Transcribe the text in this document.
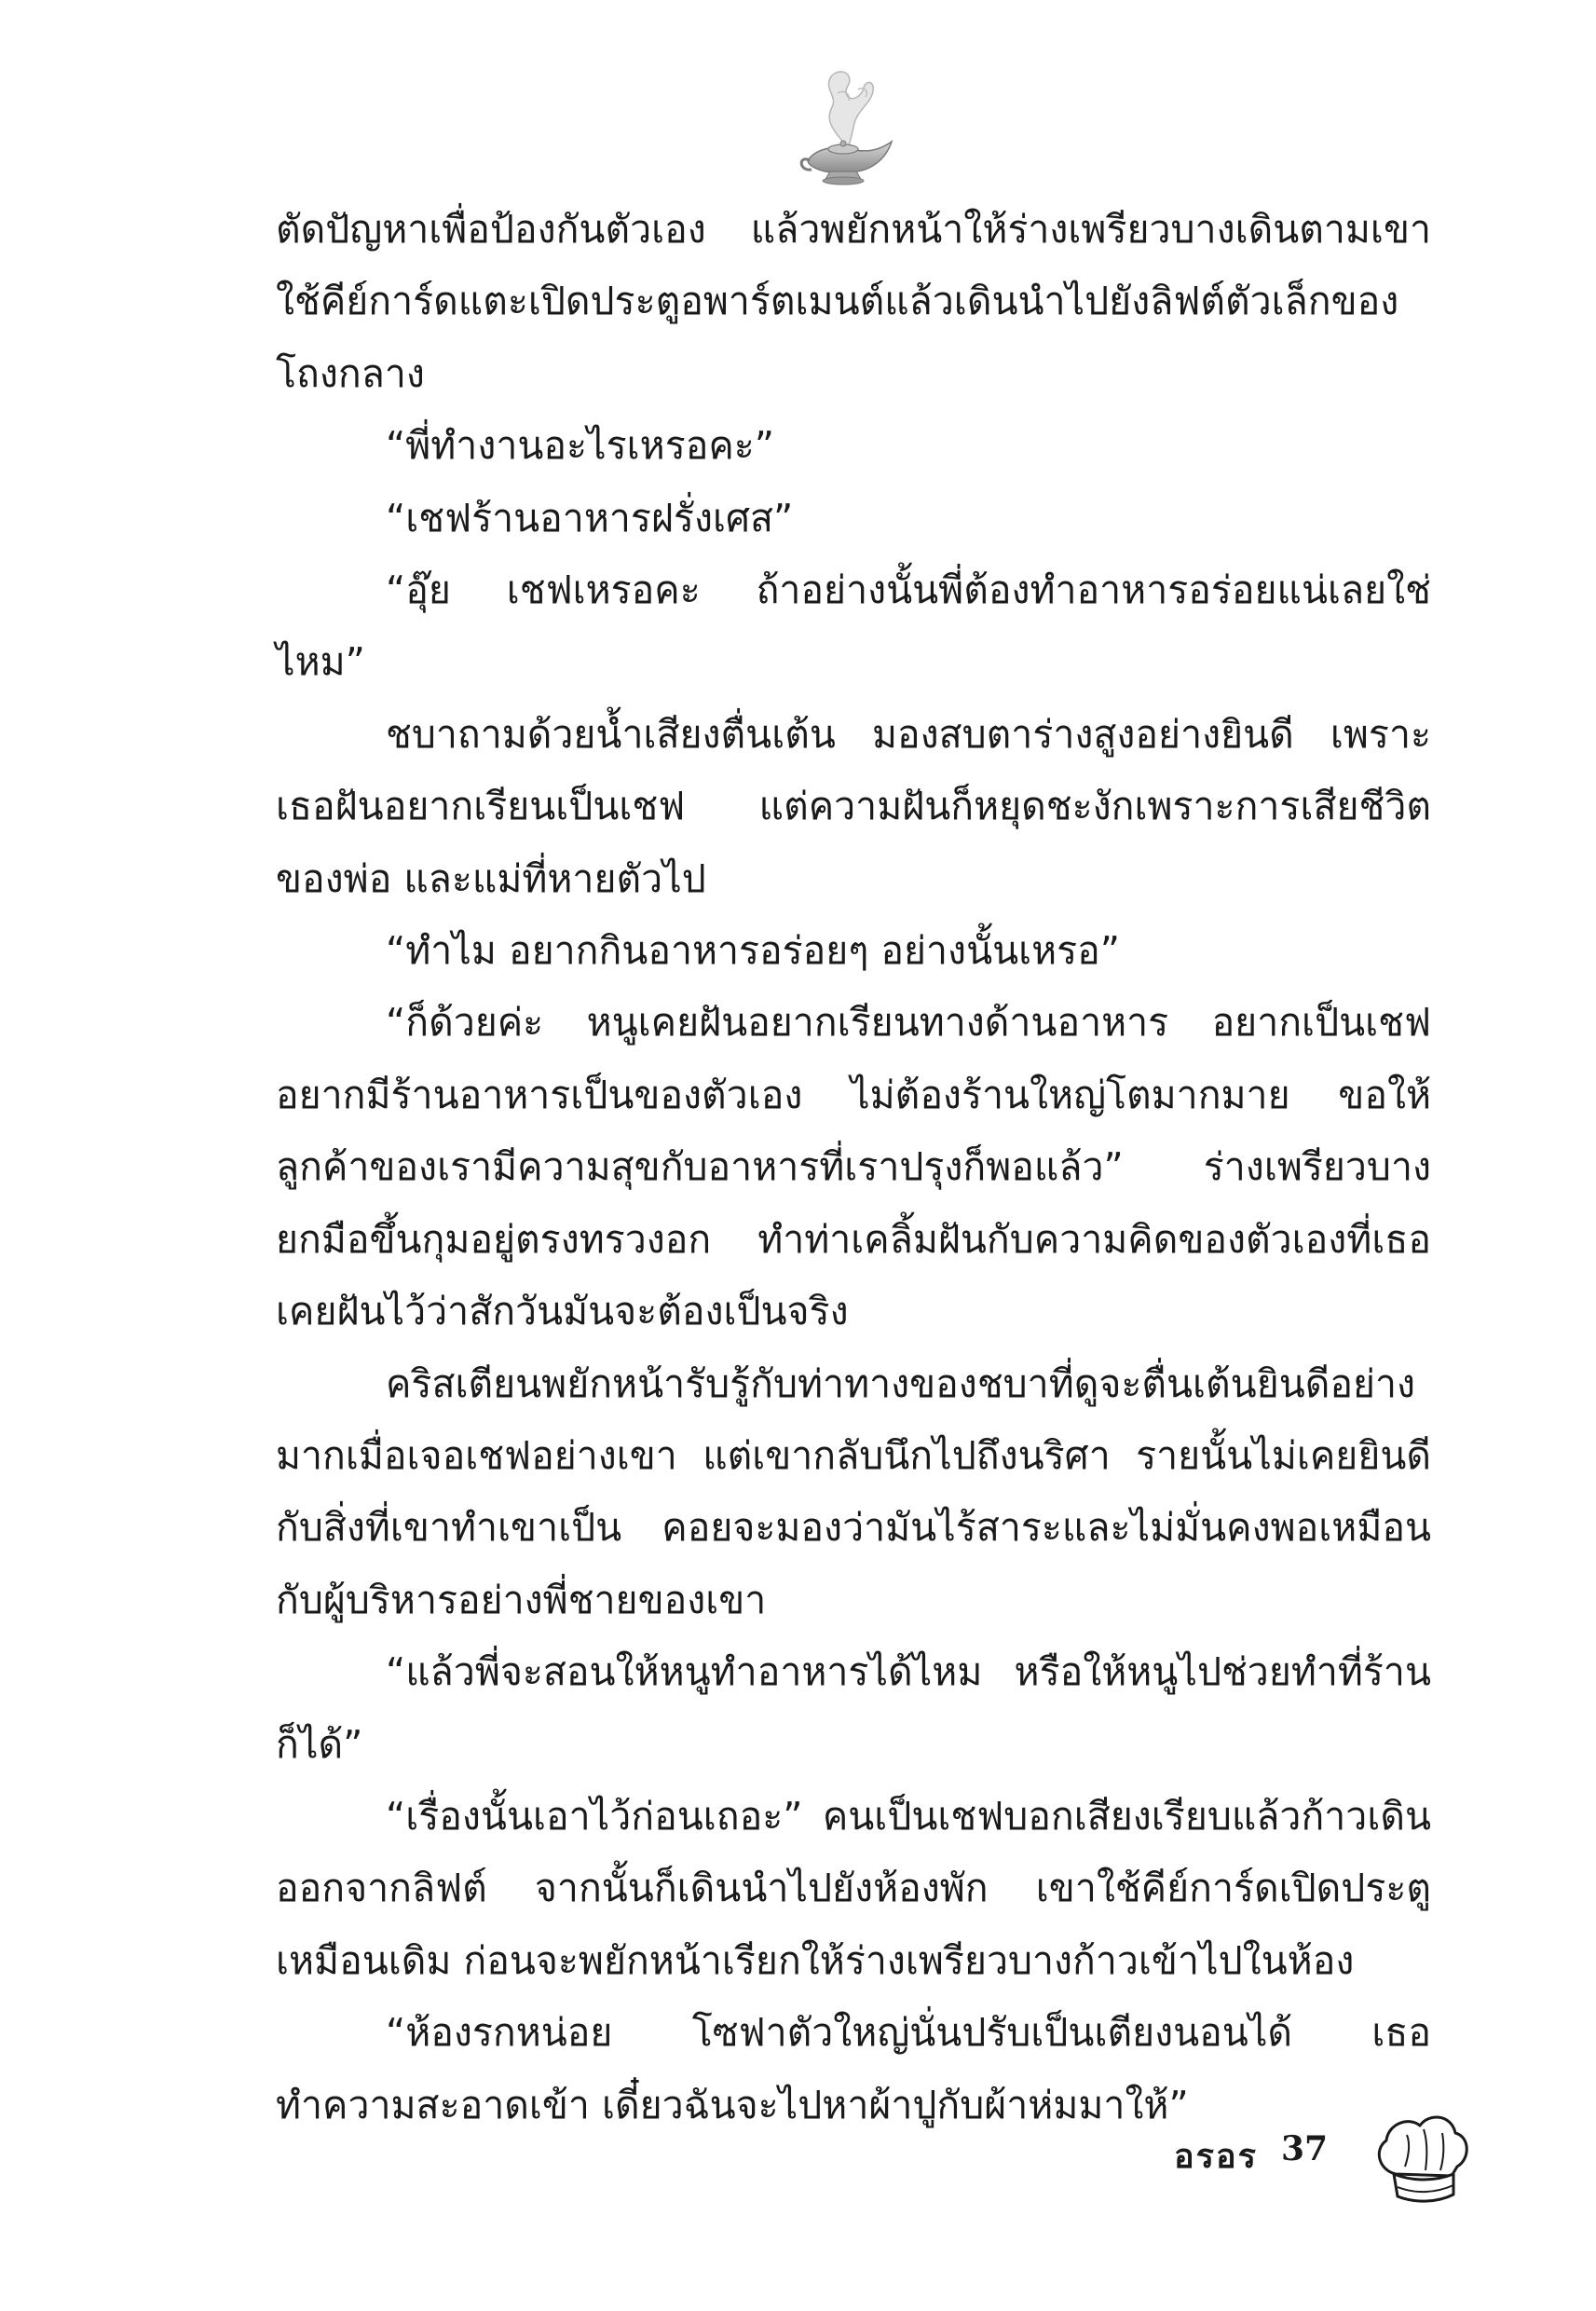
ตัดปัญหาเพื่อป้องกันตัวเอง แล้วพยักหน้าให้ร่างเพรียวบางเดินตามเขาใช้คีย์การ์ดแตะเปิดประตูอพาร์ตเมนต์แล้วเดินนำไปยังลิฟต์ตัวเล็กของโถงกลาง

“พี่ทำงานอะไรเหรอคะ”

“เชฟร้านอาหารฝรั่งเศส”

“อุ๊ย เชฟเหรอคะ ถ้าอย่างนั้นพี่ต้องทำอาหารอร่อยแน่เลยใช่ไหม”

ชบาถามด้วยน้ำเสียงตื่นเต้น มองสบตาร่างสูงอย่างยินดี เพราะเธอฝันอยากเรียนเป็นเชฟ แต่ความฝันก็หยุดชะงักเพราะการเสียชีวิตของพ่อ และแม่ที่หายตัวไป

“ทำไม อยากกินอาหารอร่อยๆ อย่างนั้นเหรอ”

“ก็ด้วยค่ะ หนูเคยฝันอยากเรียนทางด้านอาหาร อยากเป็นเชฟอยากมีร้านอาหารเป็นของตัวเอง ไม่ต้องร้านใหญ่โตมากมาย ขอให้ลูกค้าของเรามีความสุขกับอาหารที่เราปรุงก็พอแล้ว” ร่างเพรียวบางยกมือขึ้นกุมอยู่ตรงทรวงอก ทำท่าเคลิ้มฝันกับความคิดของตัวเองที่เธอเคยฝันไว้ว่าสักวันมันจะต้องเป็นจริง

คริสเตียนพยักหน้ารับรู้กับท่าทางของชบาที่ดูจะตื่นเต้นยินดีอย่างมากเมื่อเจอเชฟอย่างเขา แต่เขากลับนึกไปถึงนริศา รายนั้นไม่เคยยินดีกับสิ่งที่เขาทำเขาเป็น คอยจะมองว่ามันไร้สาระและไม่มั่นคงพอเหมือนกับผู้บริหารอย่างพี่ชายของเขา

“แล้วพี่จะสอนให้หนูทำอาหารได้ไหม หรือให้หนูไปช่วยทำที่ร้านก็ได้”

“เรื่องนั้นเอาไว้ก่อนเถอะ” คนเป็นเชฟบอกเสียงเรียบแล้วก้าวเดินออกจากลิฟต์ จากนั้นก็เดินนำไปยังห้องพัก เขาใช้คีย์การ์ดเปิดประตูเหมือนเดิม ก่อนจะพยักหน้าเรียกให้ร่างเพรียวบางก้าวเข้าไปในห้อง

“ห้องรกหน่อย โซฟาตัวใหญ่นั่นปรับเป็นเตียงนอนได้ เธอทำความสะอาดเข้า เดี๋ยวฉันจะไปหาผ้าปูกับผ้าห่มมาให้”

อรอร 37
